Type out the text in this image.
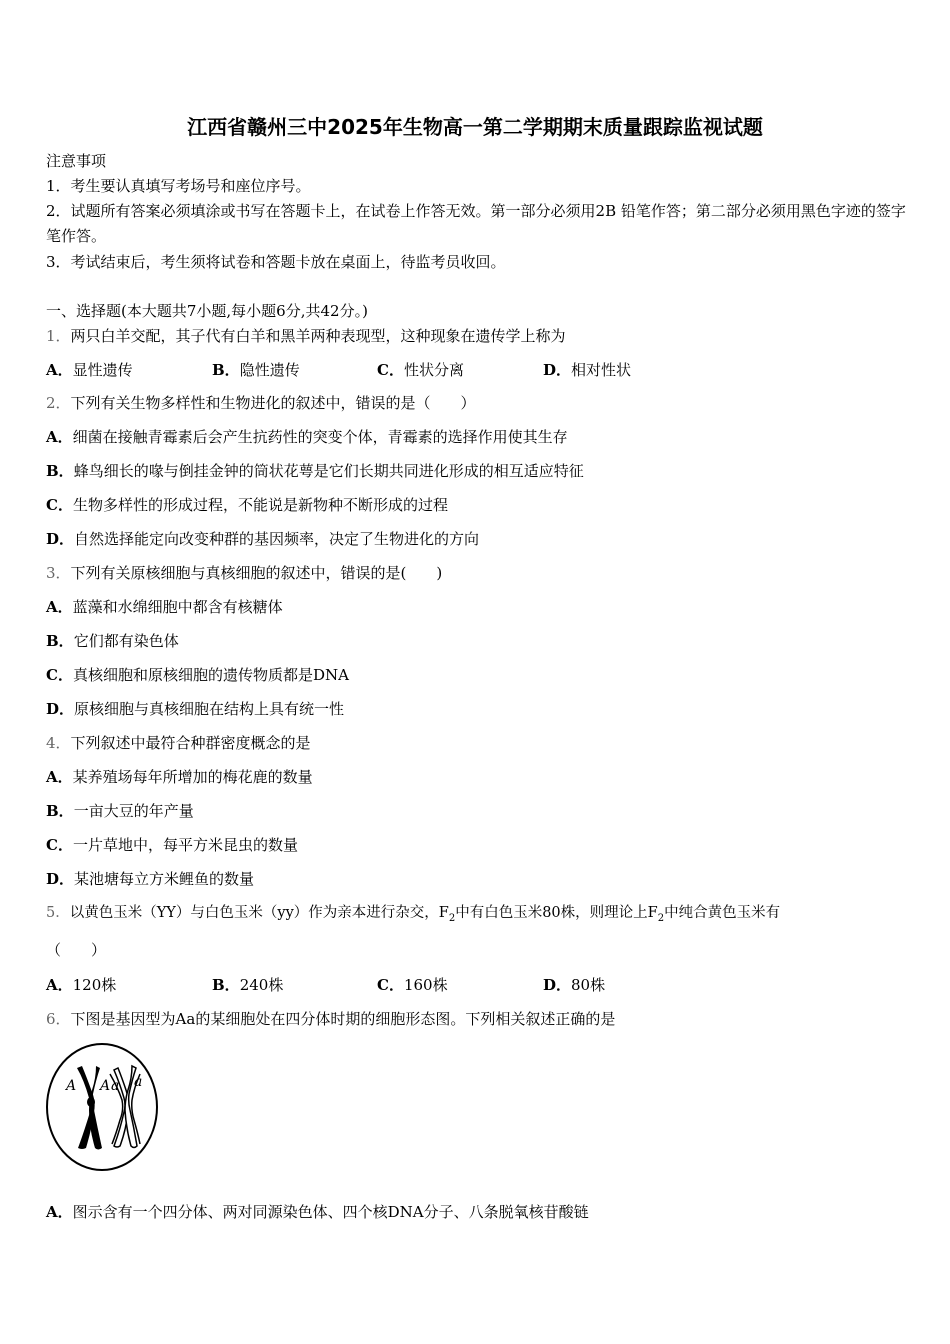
江西省赣州三中2025年生物高一第二学期期末质量跟踪监视试题
注意事项
1．考生要认真填写考场号和座位序号。
2．试题所有答案必须填涂或书写在答题卡上，在试卷上作答无效。第一部分必须用2B 铅笔作答；第二部分必须用黑色字迹的签字笔作答。
3．考试结束后，考生须将试卷和答题卡放在桌面上，待监考员收回。
一、选择题(本大题共7小题,每小题6分,共42分。)
1．两只白羊交配，其子代有白羊和黑羊两种表现型，这种现象在遗传学上称为
A．显性遗传	B．隐性遗传	C．性状分离	D．相对性状
2．下列有关生物多样性和生物进化的叙述中，错误的是（　　）
A．细菌在接触青霉素后会产生抗药性的突变个体，青霉素的选择作用使其生存
B．蜂鸟细长的喙与倒挂金钟的筒状花萼是它们长期共同进化形成的相互适应特征
C．生物多样性的形成过程，不能说是新物种不断形成的过程
D．自然选择能定向改变种群的基因频率，决定了生物进化的方向
3．下列有关原核细胞与真核细胞的叙述中，错误的是(　　)
A．蓝藻和水绵细胞中都含有核糖体
B．它们都有染色体
C．真核细胞和原核细胞的遗传物质都是DNA
D．原核细胞与真核细胞在结构上具有统一性
4．下列叙述中最符合种群密度概念的是
A．某养殖场每年所增加的梅花鹿的数量
B．一亩大豆的年产量
C．一片草地中，每平方米昆虫的数量
D．某池塘每立方米鲤鱼的数量
5．以黄色玉米（YY）与白色玉米（yy）作为亲本进行杂交，$F_2$中有白色玉米80株，则理论上$F_2$中纯合黄色玉米有
（　　）
A．120株	B．240株	C．160株	D．80株
6．下图是基因型为Aa的某细胞处在四分体时期的细胞形态图。下列相关叙述正确的是
A A a a
A．图示含有一个四分体、两对同源染色体、四个核DNA分子、八条脱氧核苷酸链
